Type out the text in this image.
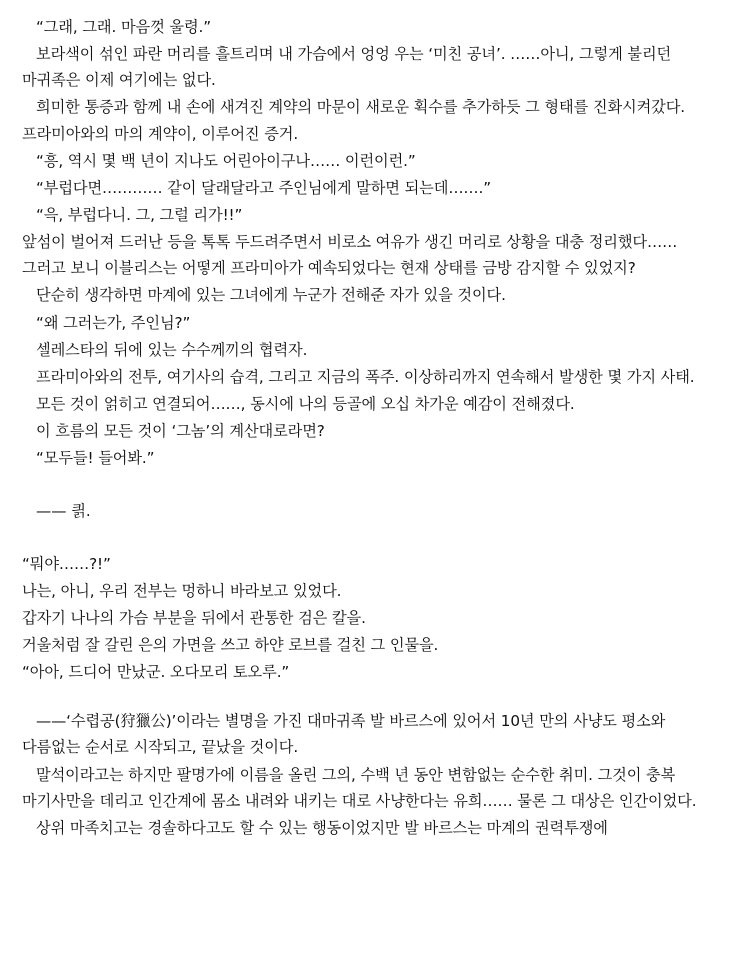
“그래, 그래. 마음껏 울령.”

보라색이 섞인 파란 머리를 흘트리며 내 가슴에서 엉엉 우는 ‘미친 공녀’. ……아니, 그렇게 불리던 마귀족은 이제 여기에는 없다.

희미한 통증과 함께 내 손에 새겨진 계약의 마문이 새로운 획수를 추가하듯 그 형태를 진화시켜갔다. 프라미아와의 마의 계약이, 이루어진 증거.

“흥, 역시 몇 백 년이 지나도 어린아이구나…… 이런이런.”

“부럽다면………… 같이 달래달라고 주인님에게 말하면 되는데…….”

“윽, 부럽다니. 그, 그럴 리가!!”

앞섬이 벌어져 드러난 등을 톡톡 두드려주면서 비로소 여유가 생긴 머리로 상황을 대충 정리했다…… 그러고 보니 이블리스는 어떻게 프라미아가 예속되었다는 현재 상태를 금방 감지할 수 있었지?

단순히 생각하면 마계에 있는 그녀에게 누군가 전해준 자가 있을 것이다.

“왜 그러는가, 주인님?”

셀레스타의 뒤에 있는 수수께끼의 협력자.

프라미아와의 전투, 여기사의 습격, 그리고 지금의 폭주. 이상하리까지 연속해서 발생한 몇 가지 사태.

모든 것이 얽히고 연결되어……, 동시에 나의 등골에 오십 차가운 예감이 전해졌다.

이 흐름의 모든 것이 ‘그놈’의 계산대로라면?

“모두들! 들어봐.”

—— 킑.

“뭐야……?!”

나는, 아니, 우리 전부는 멍하니 바라보고 있었다.

갑자기 나나의 가슴 부분을 뒤에서 관통한 검은 칼을.

거울처럼 잘 갈린 은의 가면을 쓰고 하얀 로브를 걸친 그 인물을.

“아아, 드디어 만났군. 오다모리 토오루.”

——‘수렵공(狩獵公)’이라는 별명을 가진 대마귀족 발 바르스에 있어서 10년 만의 사냥도 평소와 다름없는 순서로 시작되고, 끝났을 것이다.

말석이라고는 하지만 팔명가에 이름을 올린 그의, 수백 년 동안 변함없는 순수한 취미. 그것이 충복 마기사만을 데리고 인간계에 몸소 내려와 내키는 대로 사냥한다는 유희…… 물론 그 대상은 인간이었다.

상위 마족치고는 경솔하다고도 할 수 있는 행동이었지만 발 바르스는 마계의 권력투쟁에
